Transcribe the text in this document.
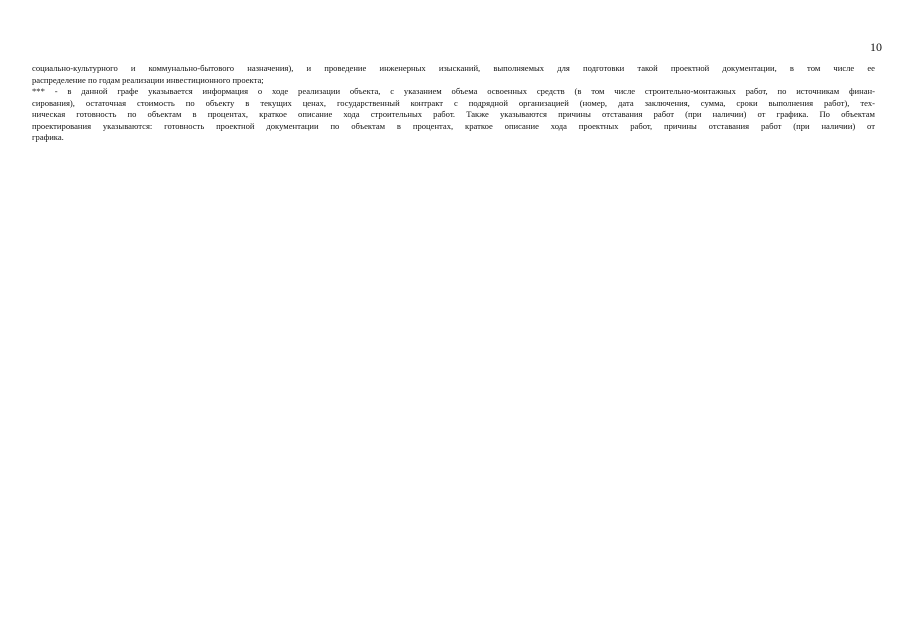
10
социально-культурного и коммунально-бытового назначения), и проведение инженерных изысканий, выполняемых для подготовки такой проектной документации, в том числе ее
распределение по годам реализации инвестиционного проекта;
*** - в данной графе указывается информация о ходе реализации объекта, с указанием объема освоенных средств (в том числе строительно-монтажных работ, по источникам финан-
сирования), остаточная стоимость по объекту в текущих ценах, государственный контракт с подрядной организацией (номер, дата заключения, сумма, сроки выполнения работ), тех-
ническая готовность по объектам в процентах, краткое описание хода строительных работ. Также указываются причины отставания работ (при наличии) от графика. По объектам
проектирования указываются: готовность проектной документации по объектам в процентах, краткое описание хода проектных работ, причины отставания работ (при наличии) от
графика.
